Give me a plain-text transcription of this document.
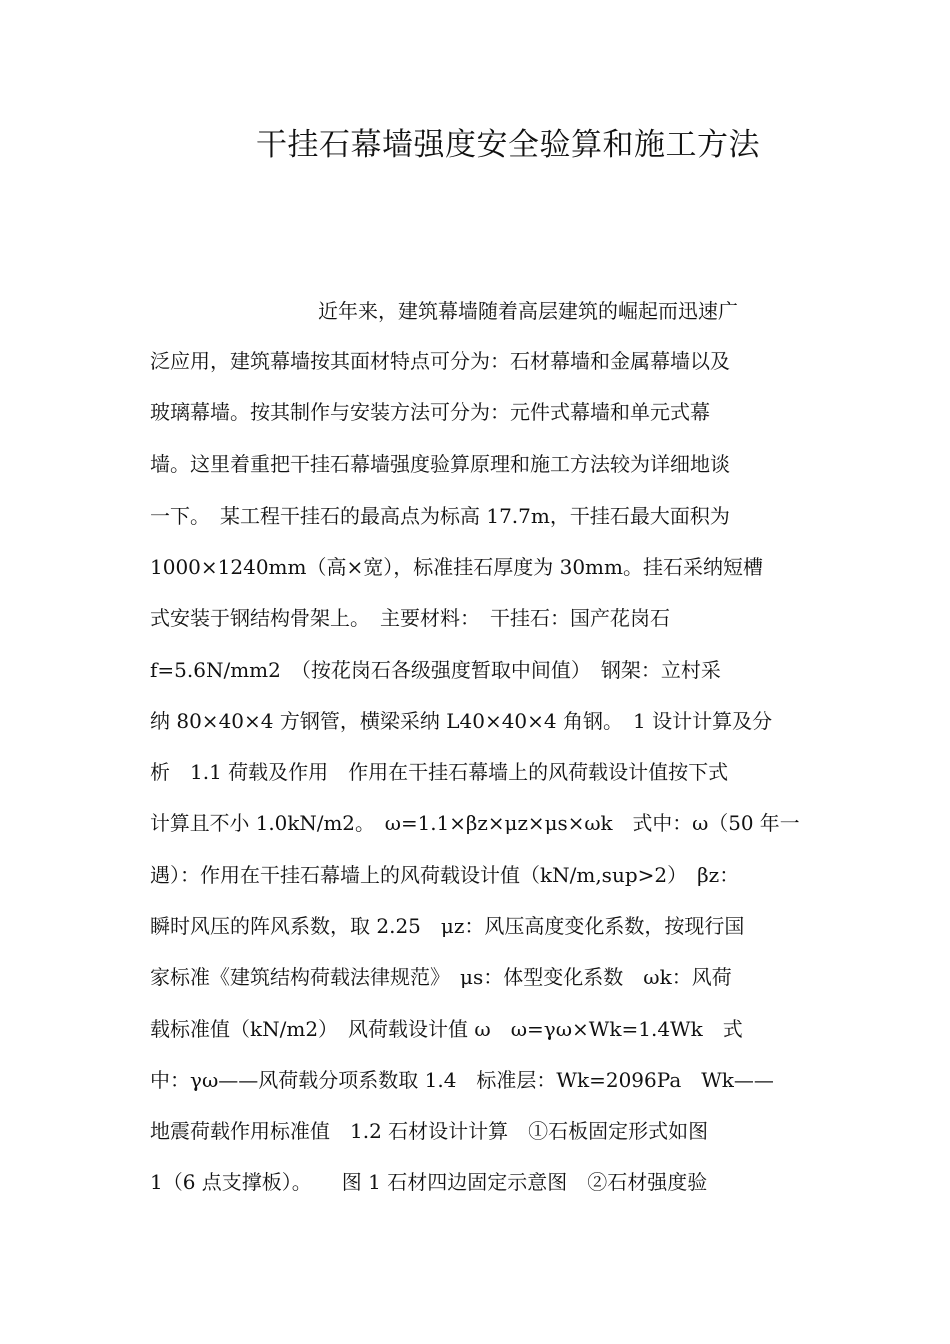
干挂石幕墙强度安全验算和施工方法
近年来，建筑幕墙随着高层建筑的崛起而迅速广
泛应用，建筑幕墙按其面材特点可分为：石材幕墙和金属幕墙以及
玻璃幕墙。按其制作与安装方法可分为：元件式幕墙和单元式幕
墙。这里着重把干挂石幕墙强度验算原理和施工方法较为详细地谈
一下。　某工程干挂石的最高点为标高 17.7m，干挂石最大面积为
1000×1240mm（高×宽），标准挂石厚度为 30mm。挂石采纳短槽
式安装于钢结构骨架上。　主要材料：　干挂石：国产花岗石
f=5.6N/mm2　（按花岗石各级强度暂取中间值）　钢架：立村采
纳 80×40×4 方钢管，横梁采纳 L40×40×4 角钢。　1 设计计算及分
析　1.1 荷载及作用　作用在干挂石幕墙上的风荷载设计值按下式
计算且不小 1.0kN/m2。　ω=1.1×βz×μz×μs×ωk　式中：ω（50 年一
遇）：作用在干挂石幕墙上的风荷载设计值（kN/m,sup>2）　βz：
瞬时风压的阵风系数，取 2.25　μz：风压高度变化系数，按现行国
家标准《建筑结构荷载法律规范》　μs：体型变化系数　ωk：风荷
载标准值（kN/m2）　风荷载设计值 ω　ω=γω×Wk=1.4Wk　式
中：γω——风荷载分项系数取 1.4　标准层：Wk=2096Pa　Wk——
地震荷载作用标准值　1.2 石材设计计算　①石板固定形式如图
1（6 点支撑板）。　　图 1 石材四边固定示意图　②石材强度验
